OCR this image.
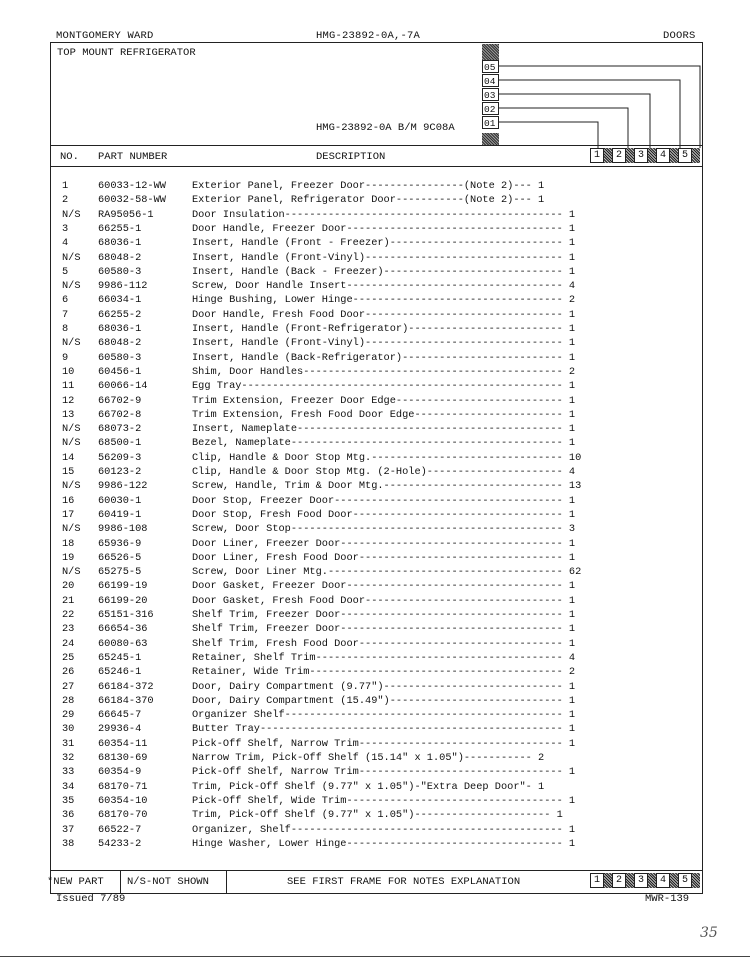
MONTGOMERY WARD	HMG-23892-0A,-7A	DOORS
TOP MOUNT REFRIGERATOR
HMG-23892-0A B/M 9C08A
05
04
03
02
01
NO. PART NUMBER	DESCRIPTION	1	2	3	4	5
1	60033-12-WW	Exterior Panel, Freezer Door----------------(Note 2)--- 1
2	60032-58-WW	Exterior Panel, Refrigerator Door-----------(Note 2)--- 1
N/S RA95056-1	Door Insulation--------------------------------------------- 1
3	66255-1	Door Handle, Freezer Door----------------------------------- 1
4	68036-1	Insert, Handle (Front - Freezer)---------------------------- 1
N/S 68048-2	Insert, Handle (Front-Vinyl)-------------------------------- 1
5	60580-3	Insert, Handle (Back - Freezer)----------------------------- 1
N/S 9986-112	Screw, Door Handle Insert----------------------------------- 4
6	66034-1	Hinge Bushing, Lower Hinge---------------------------------- 2
7	66255-2	Door Handle, Fresh Food Door-------------------------------- 1
8	68036-1	Insert, Handle (Front-Refrigerator)------------------------- 1
N/S 68048-2	Insert, Handle (Front-Vinyl)-------------------------------- 1
9	60580-3	Insert, Handle (Back-Refrigerator)-------------------------- 1
10 60456-1	Shim, Door Handles------------------------------------------ 2
11 60066-14	Egg Tray---------------------------------------------------- 1
12 66702-9	Trim Extension, Freezer Door Edge--------------------------- 1
13 66702-8	Trim Extension, Fresh Food Door Edge------------------------ 1
N/S 68073-2	Insert, Nameplate------------------------------------------- 1
N/S 68500-1	Bezel, Nameplate-------------------------------------------- 1
14 56209-3	Clip, Handle & Door Stop Mtg.------------------------------- 10
15 60123-2	Clip, Handle & Door Stop Mtg. (2-Hole)---------------------- 4
N/S 9986-122	Screw, Handle, Trim & Door Mtg.----------------------------- 13
16 60030-1	Door Stop, Freezer Door------------------------------------- 1
17 60419-1	Door Stop, Fresh Food Door---------------------------------- 1
N/S 9986-108	Screw, Door Stop-------------------------------------------- 3
18 65936-9	Door Liner, Freezer Door------------------------------------ 1
19 66526-5	Door Liner, Fresh Food Door--------------------------------- 1
N/S 65275-5	Screw, Door Liner Mtg.-------------------------------------- 62
20 66199-19	Door Gasket, Freezer Door----------------------------------- 1
21 66199-20	Door Gasket, Fresh Food Door-------------------------------- 1
22 65151-316	Shelf Trim, Freezer Door------------------------------------ 1
23 66654-36	Shelf Trim, Freezer Door------------------------------------ 1
24 60080-63	Shelf Trim, Fresh Food Door--------------------------------- 1
25 65245-1	Retainer, Shelf Trim---------------------------------------- 4
26 65246-1	Retainer, Wide Trim----------------------------------------- 2
27 66184-372	Door, Dairy Compartment (9.77")----------------------------- 1
28 66184-370	Door, Dairy Compartment (15.49")---------------------------- 1
29 66645-7	Organizer Shelf--------------------------------------------- 1
30 29936-4	Butter Tray------------------------------------------------- 1
31 60354-11	Pick-Off Shelf, Narrow Trim--------------------------------- 1
32 68130-69	Narrow Trim, Pick-Off Shelf (15.14" x 1.05")----------- 2
33 60354-9	Pick-Off Shelf, Narrow Trim--------------------------------- 1
34 68170-71	Trim, Pick-Off Shelf (9.77" x 1.05")-"Extra Deep Door"- 1
35 60354-10	Pick-Off Shelf, Wide Trim----------------------------------- 1
36 68170-70	Trim, Pick-Off Shelf (9.77" x 1.05")---------------------- 1
37 66522-7	Organizer, Shelf-------------------------------------------- 1
38 54233-2	Hinge Washer, Lower Hinge----------------------------------- 1
*NEW PART N/S-NOT SHOWN	SEE FIRST FRAME FOR NOTES EXPLANATION	1	2	3	4	5
Issued 7/89	MWR-139
35
